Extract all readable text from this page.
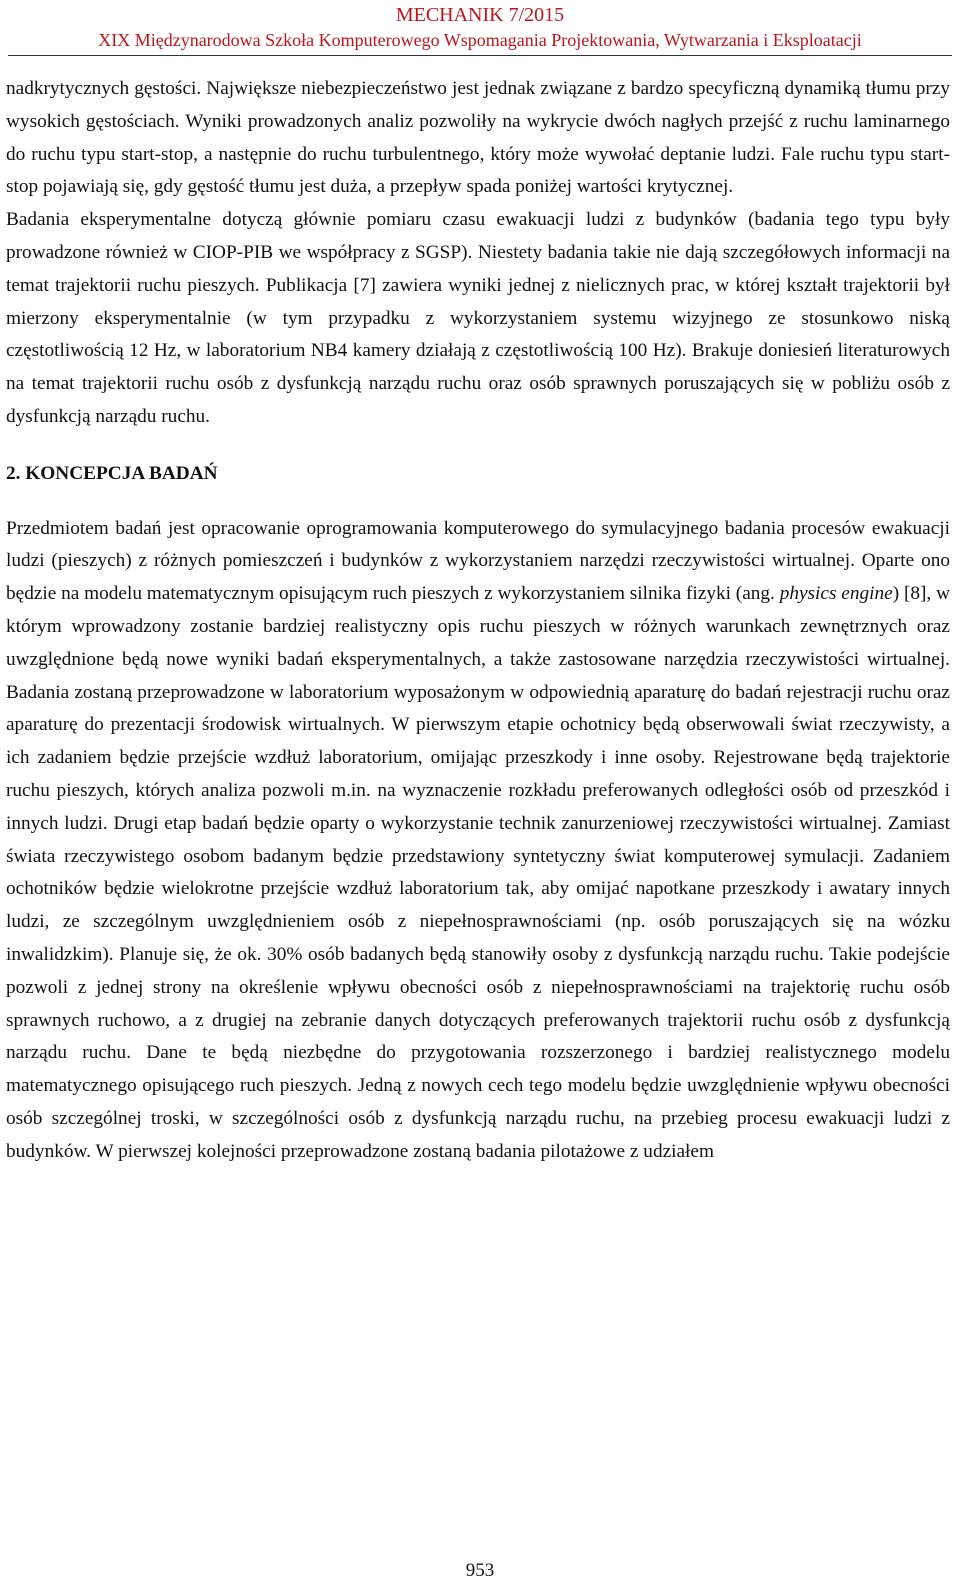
MECHANIK 7/2015
XIX Międzynarodowa Szkoła Komputerowego Wspomagania Projektowania, Wytwarzania i Eksploatacji

nadkrytycznych gęstości. Największe niebezpieczeństwo jest jednak związane z bardzo specyficzną dynamiką tłumu przy wysokich gęstościach. Wyniki prowadzonych analiz pozwoliły na wykrycie dwóch nagłych przejść z ruchu laminarnego do ruchu typu start-stop, a następnie do ruchu turbulentnego, który może wywołać deptanie ludzi. Fale ruchu typu start-stop pojawiają się, gdy gęstość tłumu jest duża, a przepływ spada poniżej wartości krytycznej.

Badania eksperymentalne dotyczą głównie pomiaru czasu ewakuacji ludzi z budynków (badania tego typu były prowadzone również w CIOP-PIB we współpracy z SGSP). Niestety badania takie nie dają szczegółowych informacji na temat trajektorii ruchu pieszych. Publikacja [7] zawiera wyniki jednej z nielicznych prac, w której kształt trajektorii był mierzony eksperymentalnie (w tym przypadku z wykorzystaniem systemu wizyjnego ze stosunkowo niską częstotliwością 12 Hz, w laboratorium NB4 kamery działają z częstotliwością 100 Hz). Brakuje doniesień literaturowych na temat trajektorii ruchu osób z dysfunkcją narządu ruchu oraz osób sprawnych poruszających się w pobliżu osób z dysfunkcją narządu ruchu.

2. KONCEPCJA BADAŃ

Przedmiotem badań jest opracowanie oprogramowania komputerowego do symulacyjnego badania procesów ewakuacji ludzi (pieszych) z różnych pomieszczeń i budynków z wykorzystaniem narzędzi rzeczywistości wirtualnej. Oparte ono będzie na modelu matematycznym opisującym ruch pieszych z wykorzystaniem silnika fizyki (ang. physics engine) [8], w którym wprowadzony zostanie bardziej realistyczny opis ruchu pieszych w różnych warunkach zewnętrznych oraz uwzględnione będą nowe wyniki badań eksperymentalnych, a także zastosowane narzędzia rzeczywistości wirtualnej. Badania zostaną przeprowadzone w laboratorium wyposażonym w odpowiednią aparaturę do badań rejestracji ruchu oraz aparaturę do prezentacji środowisk wirtualnych. W pierwszym etapie ochotnicy będą obserwowali świat rzeczywisty, a ich zadaniem będzie przejście wzdłuż laboratorium, omijając przeszkody i inne osoby. Rejestrowane będą trajektorie ruchu pieszych, których analiza pozwoli m.in. na wyznaczenie rozkładu preferowanych odległości osób od przeszkód i innych ludzi. Drugi etap badań będzie oparty o wykorzystanie technik zanurzeniowej rzeczywistości wirtualnej. Zamiast świata rzeczywistego osobom badanym będzie przedstawiony syntetyczny świat komputerowej symulacji. Zadaniem ochotników będzie wielokrotne przejście wzdłuż laboratorium tak, aby omijać napotkane przeszkody i awatary innych ludzi, ze szczególnym uwzględnieniem osób z niepełnosprawnościami (np. osób poruszających się na wózku inwalidzkim). Planuje się, że ok. 30% osób badanych będą stanowiły osoby z dysfunkcją narządu ruchu. Takie podejście pozwoli z jednej strony na określenie wpływu obecności osób z niepełnosprawnościami na trajektorię ruchu osób sprawnych ruchowo, a z drugiej na zebranie danych dotyczących preferowanych trajektorii ruchu osób z dysfunkcją narządu ruchu. Dane te będą niezbędne do przygotowania rozszerzonego i bardziej realistycznego modelu matematycznego opisującego ruch pieszych. Jedną z nowych cech tego modelu będzie uwzględnienie wpływu obecności osób szczególnej troski, w szczególności osób z dysfunkcją narządu ruchu, na przebieg procesu ewakuacji ludzi z budynków. W pierwszej kolejności przeprowadzone zostaną badania pilotażowe z udziałem

953
